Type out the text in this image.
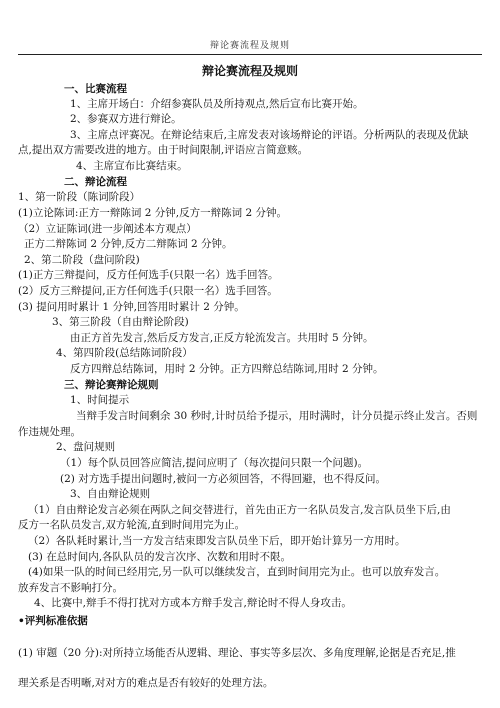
辩论赛流程及规则
辩论赛流程及规则
一、比赛流程
1、主席开场白：介绍参赛队员及所持观点,然后宣布比赛开始。
2、参赛双方进行辩论。
3、主席点评赛况。在辩论结束后,主席发表对该场辩论的评语。分析两队的表现及优缺
点,提出双方需要改进的地方。由于时间限制,评语应言简意赅。
4、主席宣布比赛结束。
二、辩论流程
1、第一阶段（陈词阶段）
(1)立论陈词:正方一辩陈词 2 分钟,反方一辩陈词 2 分钟。
（2）立证陈词(进一步阐述本方观点）
正方二辩陈词 2 分钟,反方二辩陈词 2 分钟。
2、第二阶段（盘问阶段)
(1)正方三辩提问，反方任何选手(只限一名）选手回答。
(2）反方三辩提问,正方任何选手(只限一名）选手回答。
(3) 提问用时累计 1 分钟,回答用时累计 2 分钟。
3、第三阶段（自由辩论阶段)
由正方首先发言,然后反方发言,正反方轮流发言。共用时 5 分钟。
4、第四阶段(总结陈词阶段）
反方四辩总结陈词，用时 2 分钟。正方四辩总结陈词,用时 2 分钟。
三、辩论赛辩论规则
1、时间提示
当辩手发言时间剩余 30 秒时,计时员给予提示，用时满时，计分员提示终止发言。否则
作违规处理。
2、盘问规则
（1）每个队员回答应简洁,提问应明了（每次提问只限一个问题)。
(2) 对方选手提出问题时,被问一方必须回答，不得回避，也不得反问。
3、自由辩论规则
（1）自由辩论发言必须在两队之间交替进行，首先由正方一名队员发言,发言队员坐下后,由
反方一名队员发言,双方轮流,直到时间用完为止。
（2）各队耗时累计,当一方发言结束即发言队员坐下后，即开始计算另一方用时。
(3) 在总时间内,各队队员的发言次序、次数和用时不限。
(4)如果一队的时间已经用完,另一队可以继续发言，直到时间用完为止。也可以放弃发言。
放弃发言不影响打分。
4、比赛中,辩手不得打扰对方或本方辩手发言,辩论时不得人身攻击。
•评判标准依据
(1) 审题（20 分):对所持立场能否从逻辑、理论、事实等多层次、多角度理解,论据是否充足,推
理关系是否明晰,对对方的难点是否有较好的处理方法。
